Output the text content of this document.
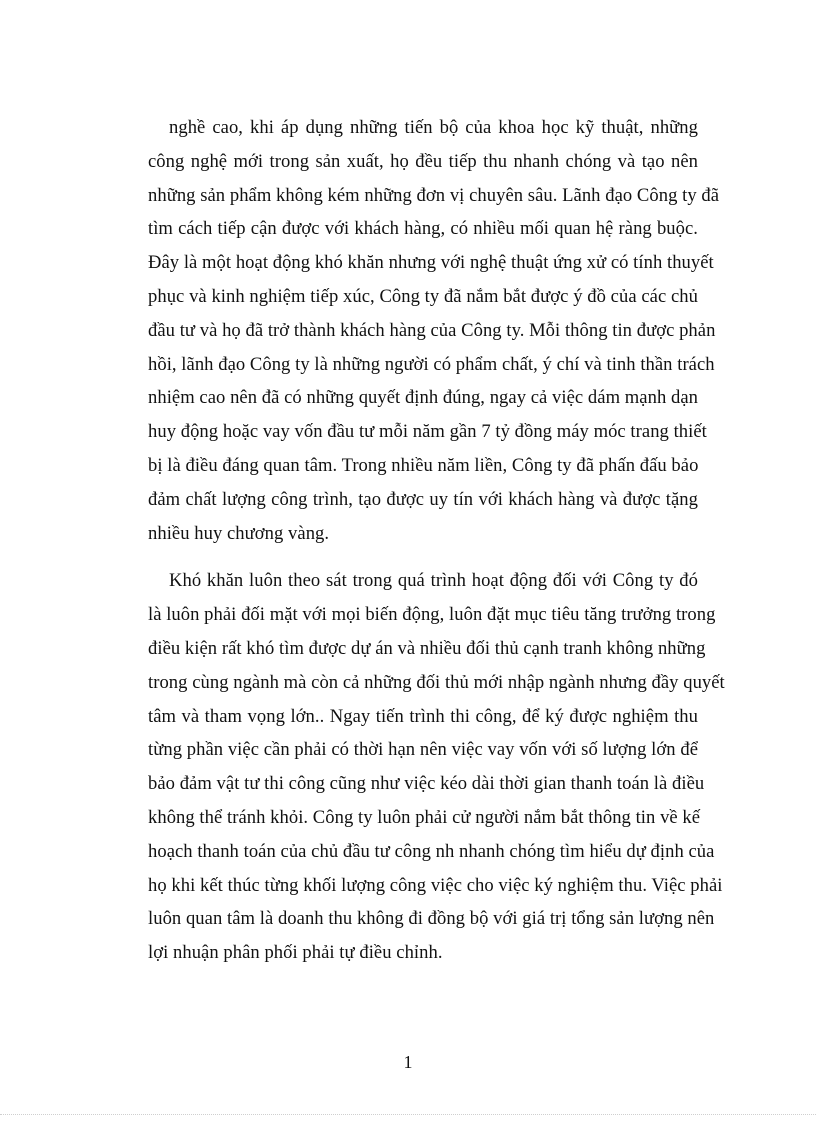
nghề cao, khi áp dụng những tiến bộ của khoa học kỹ thuật, những
công nghệ mới trong sản xuất, họ đều tiếp thu nhanh chóng và tạo nên
những sản phẩm không kém những đơn vị chuyên sâu. Lãnh đạo Công ty đã
tìm cách tiếp cận được với khách hàng, có nhiều mối quan hệ ràng buộc.
Đây là một hoạt động khó khăn nhưng với nghệ thuật ứng xử có tính thuyết
phục và kinh nghiệm tiếp xúc, Công ty đã nắm bắt được ý đồ của các chủ
đầu tư và họ đã trở thành khách hàng của Công ty. Mỗi thông tin được phản
hồi, lãnh đạo Công ty là những người có phẩm chất, ý chí và tinh thần trách
nhiệm cao nên đã có những quyết định đúng, ngay cả việc dám mạnh dạn
huy động hoặc vay vốn đầu tư mỗi năm gần 7 tỷ đồng máy móc trang thiết
bị là điều đáng quan tâm. Trong nhiều năm liền, Công ty đã phấn đấu bảo
đảm chất lượng công trình, tạo được uy tín với khách hàng và được tặng
nhiều huy chương vàng.

Khó khăn luôn theo sát trong quá trình hoạt động đối với Công ty đó
là luôn phải đối mặt với mọi biến động, luôn đặt mục tiêu tăng trưởng trong
điều kiện rất khó tìm được dự án và nhiều đối thủ cạnh tranh không những
trong cùng ngành mà còn cả những đối thủ mới nhập ngành nhưng đầy quyết
tâm và tham vọng lớn.. Ngay tiến trình thi công, để ký được nghiệm thu
từng phần việc cần phải có thời hạn nên việc vay vốn với số lượng lớn để
bảo đảm vật tư thi công cũng như việc kéo dài thời gian thanh toán là điều
không thể tránh khỏi. Công ty luôn phải cử người nắm bắt thông tin về kế
hoạch thanh toán của chủ đầu tư công nh nhanh chóng tìm hiểu dự định của
họ khi kết thúc từng khối lượng công việc cho việc ký nghiệm thu. Việc phải
luôn quan tâm là doanh thu không đi đồng bộ với giá trị tổng sản lượng nên
lợi nhuận phân phối phải tự điều chỉnh.

1
